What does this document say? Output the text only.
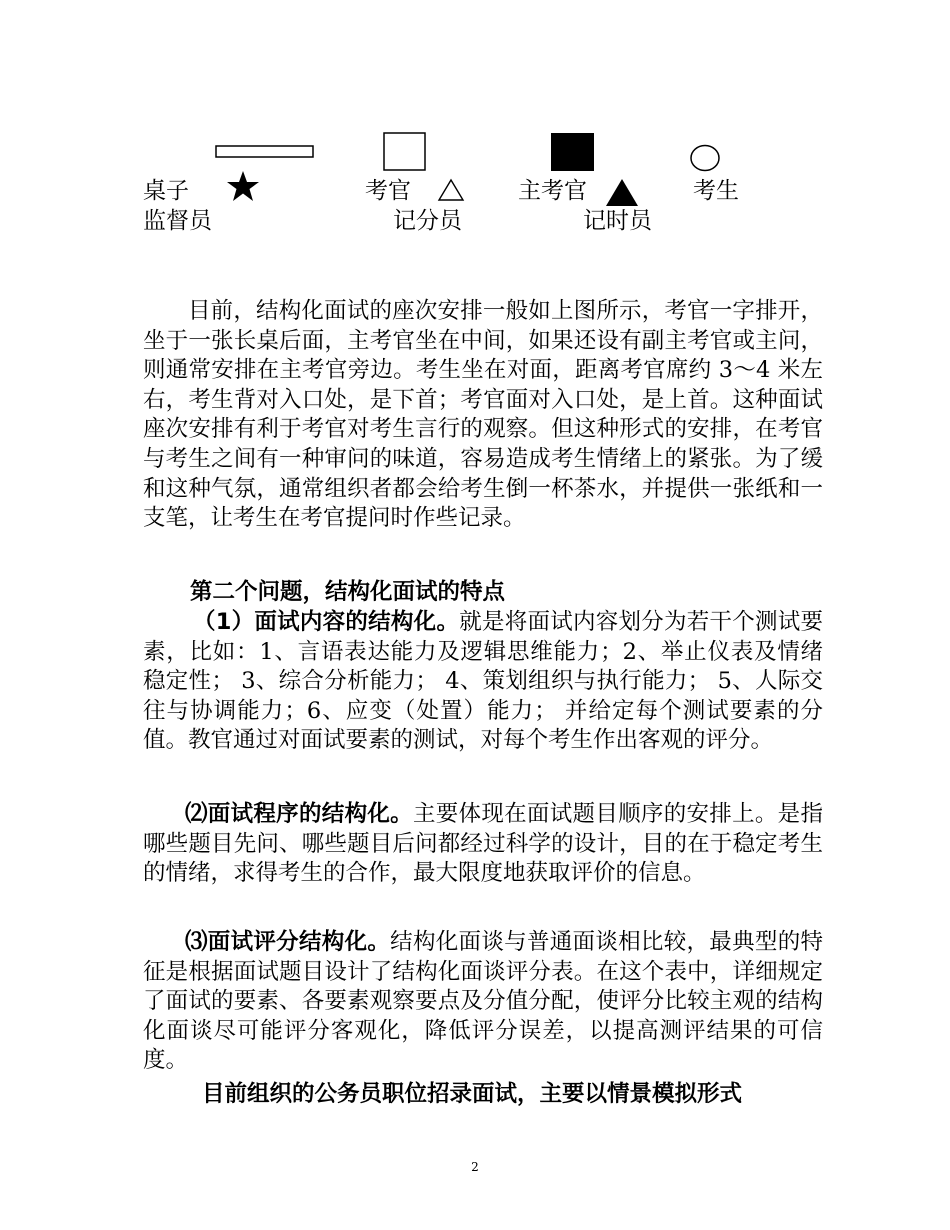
桌子	考官	主考官	考生
监督员	记分员	记时员

目前，结构化面试的座次安排一般如上图所示，考官一字排开，坐于一张长桌后面，主考官坐在中间，如果还设有副主考官或主问，则通常安排在主考官旁边。考生坐在对面，距离考官席约 3～4 米左右，考生背对入口处，是下首；考官面对入口处，是上首。这种面试座次安排有利于考官对考生言行的观察。但这种形式的安排，在考官与考生之间有一种审问的味道，容易造成考生情绪上的紧张。为了缓和这种气氛，通常组织者都会给考生倒一杯茶水，并提供一张纸和一支笔，让考生在考官提问时作些记录。

第二个问题，结构化面试的特点

（1）面试内容的结构化。就是将面试内容划分为若干个测试要素，比如：1、言语表达能力及逻辑思维能力；2、举止仪表及情绪稳定性； 3、综合分析能力； 4、策划组织与执行能力； 5、人际交往与协调能力；6、应变（处置）能力； 并给定每个测试要素的分值。教官通过对面试要素的测试，对每个考生作出客观的评分。

⑵面试程序的结构化。主要体现在面试题目顺序的安排上。是指哪些题目先问、哪些题目后问都经过科学的设计，目的在于稳定考生的情绪，求得考生的合作，最大限度地获取评价的信息。

⑶面试评分结构化。结构化面谈与普通面谈相比较，最典型的特征是根据面试题目设计了结构化面谈评分表。在这个表中，详细规定了面试的要素、各要素观察要点及分值分配，使评分比较主观的结构化面谈尽可能评分客观化，降低评分误差，以提高测评结果的可信度。

目前组织的公务员职位招录面试，主要以情景模拟形式

2
